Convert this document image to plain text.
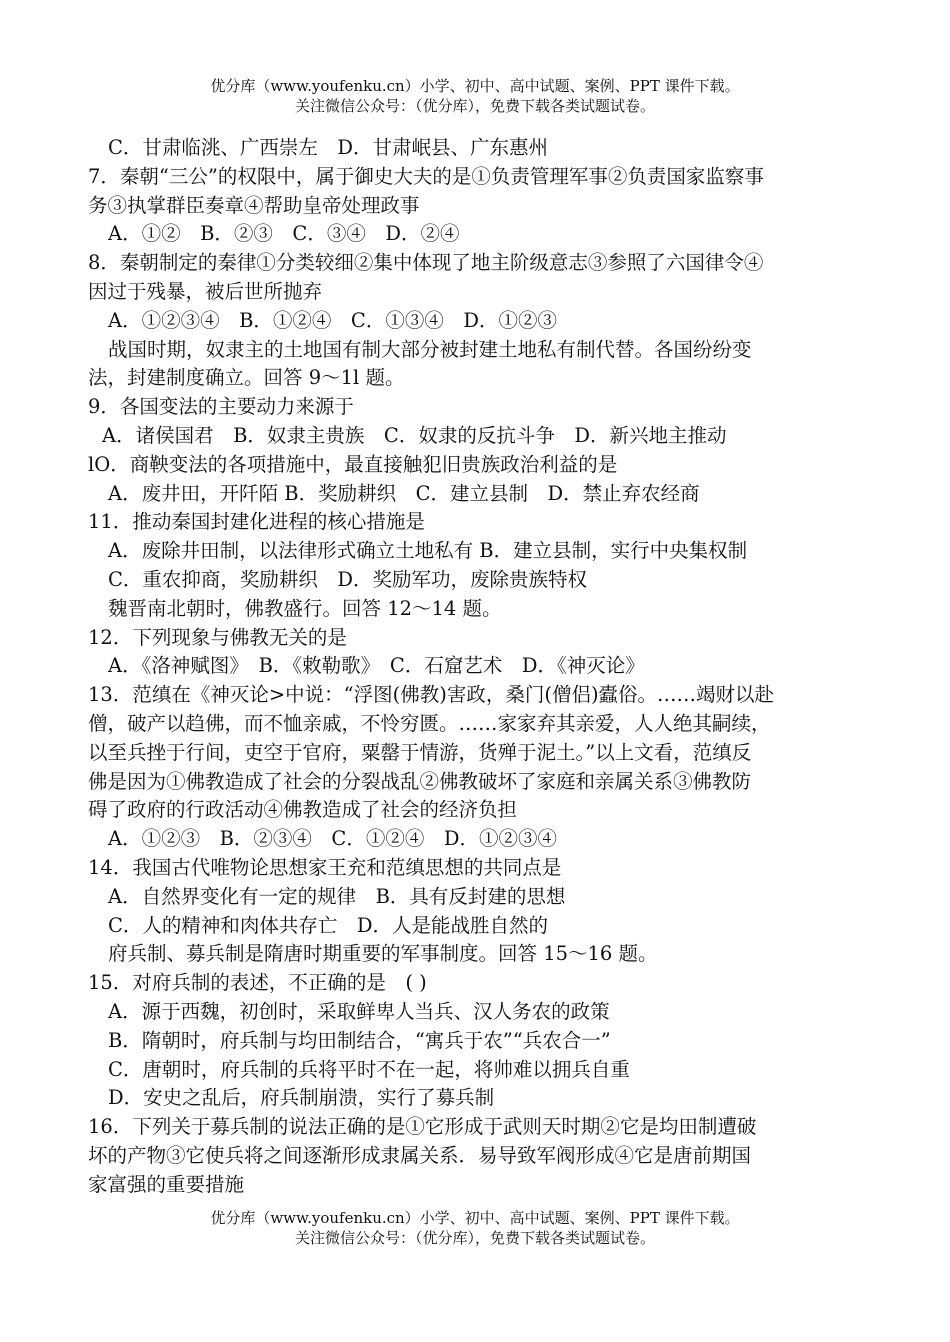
优分库（www.youfenku.cn）小学、初中、高中试题、案例、PPT 课件下载。
关注微信公众号：（优分库），免费下载各类试题试卷。
C．甘肃临洮、广西崇左　D．甘肃岷县、广东惠州
7．秦朝“三公”的权限中，属于御史大夫的是①负责管理军事②负责国家监察事
务③执掌群臣奏章④帮助皇帝处理政事
A．①②　B．②③　C．③④　D．②④
8．秦朝制定的秦律①分类较细②集中体现了地主阶级意志③参照了六国律令④
因过于残暴，被后世所抛弃
A．①②③④　B．①②④　C．①③④　D．①②③
战国时期，奴隶主的土地国有制大部分被封建土地私有制代替。各国纷纷变
法，封建制度确立。回答 9～1l 题。
9．各国变法的主要动力来源于
A．诸侯国君　B．奴隶主贵族　C．奴隶的反抗斗争　D．新兴地主推动
lO．商鞅变法的各项措施中，最直接触犯旧贵族政治利益的是
A．废井田，开阡陌 B．奖励耕织　C．建立县制　D．禁止弃农经商
11．推动秦国封建化进程的核心措施是
A．废除井田制，以法律形式确立土地私有 B．建立县制，实行中央集权制
C．重农抑商，奖励耕织　D．奖励军功，废除贵族特权
魏晋南北朝时，佛教盛行。回答 12～14 题。
12．下列现象与佛教无关的是
A．《洛神赋图》　B．《敕勒歌》　C．石窟艺术　D．《神灭论》
13．范缜在《神灭论>中说：“浮图(佛教)害政，桑门(僧侣)蠹俗。……竭财以赴
僧，破产以趋佛，而不恤亲戚，不怜穷匮。……家家弃其亲爱，人人绝其嗣续，
以至兵挫于行间，吏空于官府，粟罄于情游，货殚于泥土。”以上文看，范缜反
佛是因为①佛教造成了社会的分裂战乱②佛教破坏了家庭和亲属关系③佛教防
碍了政府的行政活动④佛教造成了社会的经济负担
A．①②③　B．②③④　C．①②④　D．①②③④
14．我国古代唯物论思想家王充和范缜思想的共同点是
A．自然界变化有一定的规律　B．具有反封建的思想
C．人的精神和肉体共存亡　D．人是能战胜自然的
府兵制、募兵制是隋唐时期重要的军事制度。回答 15～16 题。
15．对府兵制的表述，不正确的是　( )
A．源于西魏，初创时，采取鲜卑人当兵、汉人务农的政策
B．隋朝时，府兵制与均田制结合，“寓兵于农”“兵农合一”
C．唐朝时，府兵制的兵将平时不在一起，将帅难以拥兵自重
D．安史之乱后，府兵制崩溃，实行了募兵制
16．下列关于募兵制的说法正确的是①它形成于武则天时期②它是均田制遭破
坏的产物③它使兵将之间逐渐形成隶属关系．易导致军阀形成④它是唐前期国
家富强的重要措施
优分库（www.youfenku.cn）小学、初中、高中试题、案例、PPT 课件下载。
关注微信公众号：（优分库），免费下载各类试题试卷。
